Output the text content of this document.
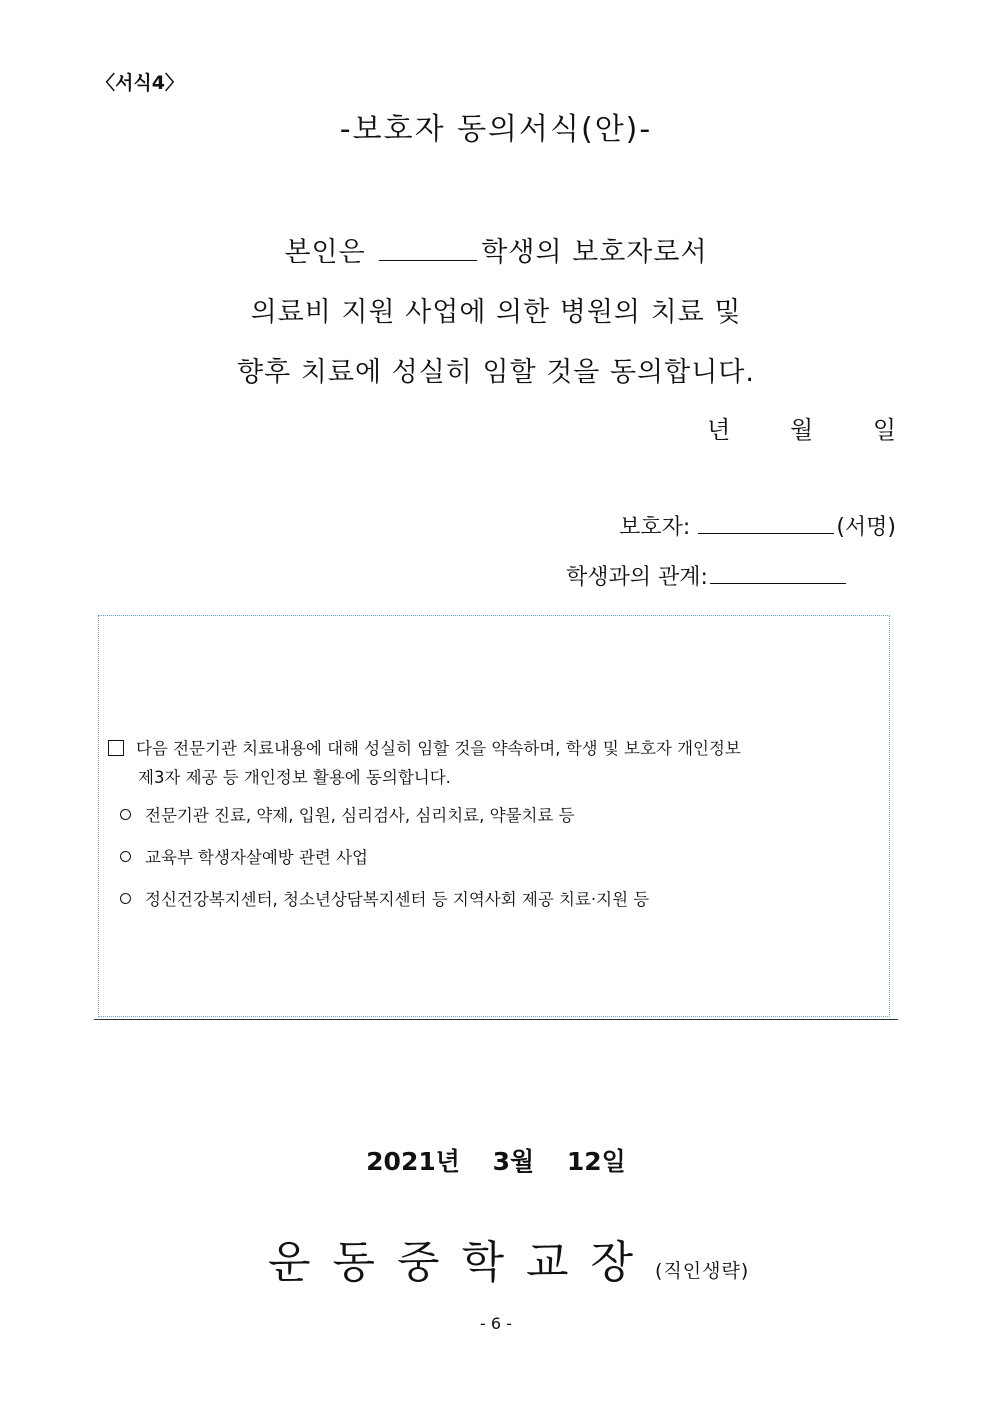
〈서식4〉
-보호자 동의서식(안)-
본인은	학생의 보호자로서
의료비 지원 사업에 의한 병원의 치료 및
향후 치료에 성실히 임할 것을 동의합니다.
년 월 일
보호자:	(서명)
학생과의 관계:
다음 전문기관 치료내용에 대해 성실히 임할 것을 약속하며, 학생 및 보호자 개인정보
제3자 제공 등 개인정보 활용에 동의합니다.
전문기관 진료, 약제, 입원, 심리검사, 심리치료, 약물치료 등
교육부 학생자살예방 관련 사업
정신건강복지센터, 청소년상담복지센터 등 지역사회 제공 치료·지원 등
2021년 3월 12일
운동중학교장(직인생략)
- 6 -
